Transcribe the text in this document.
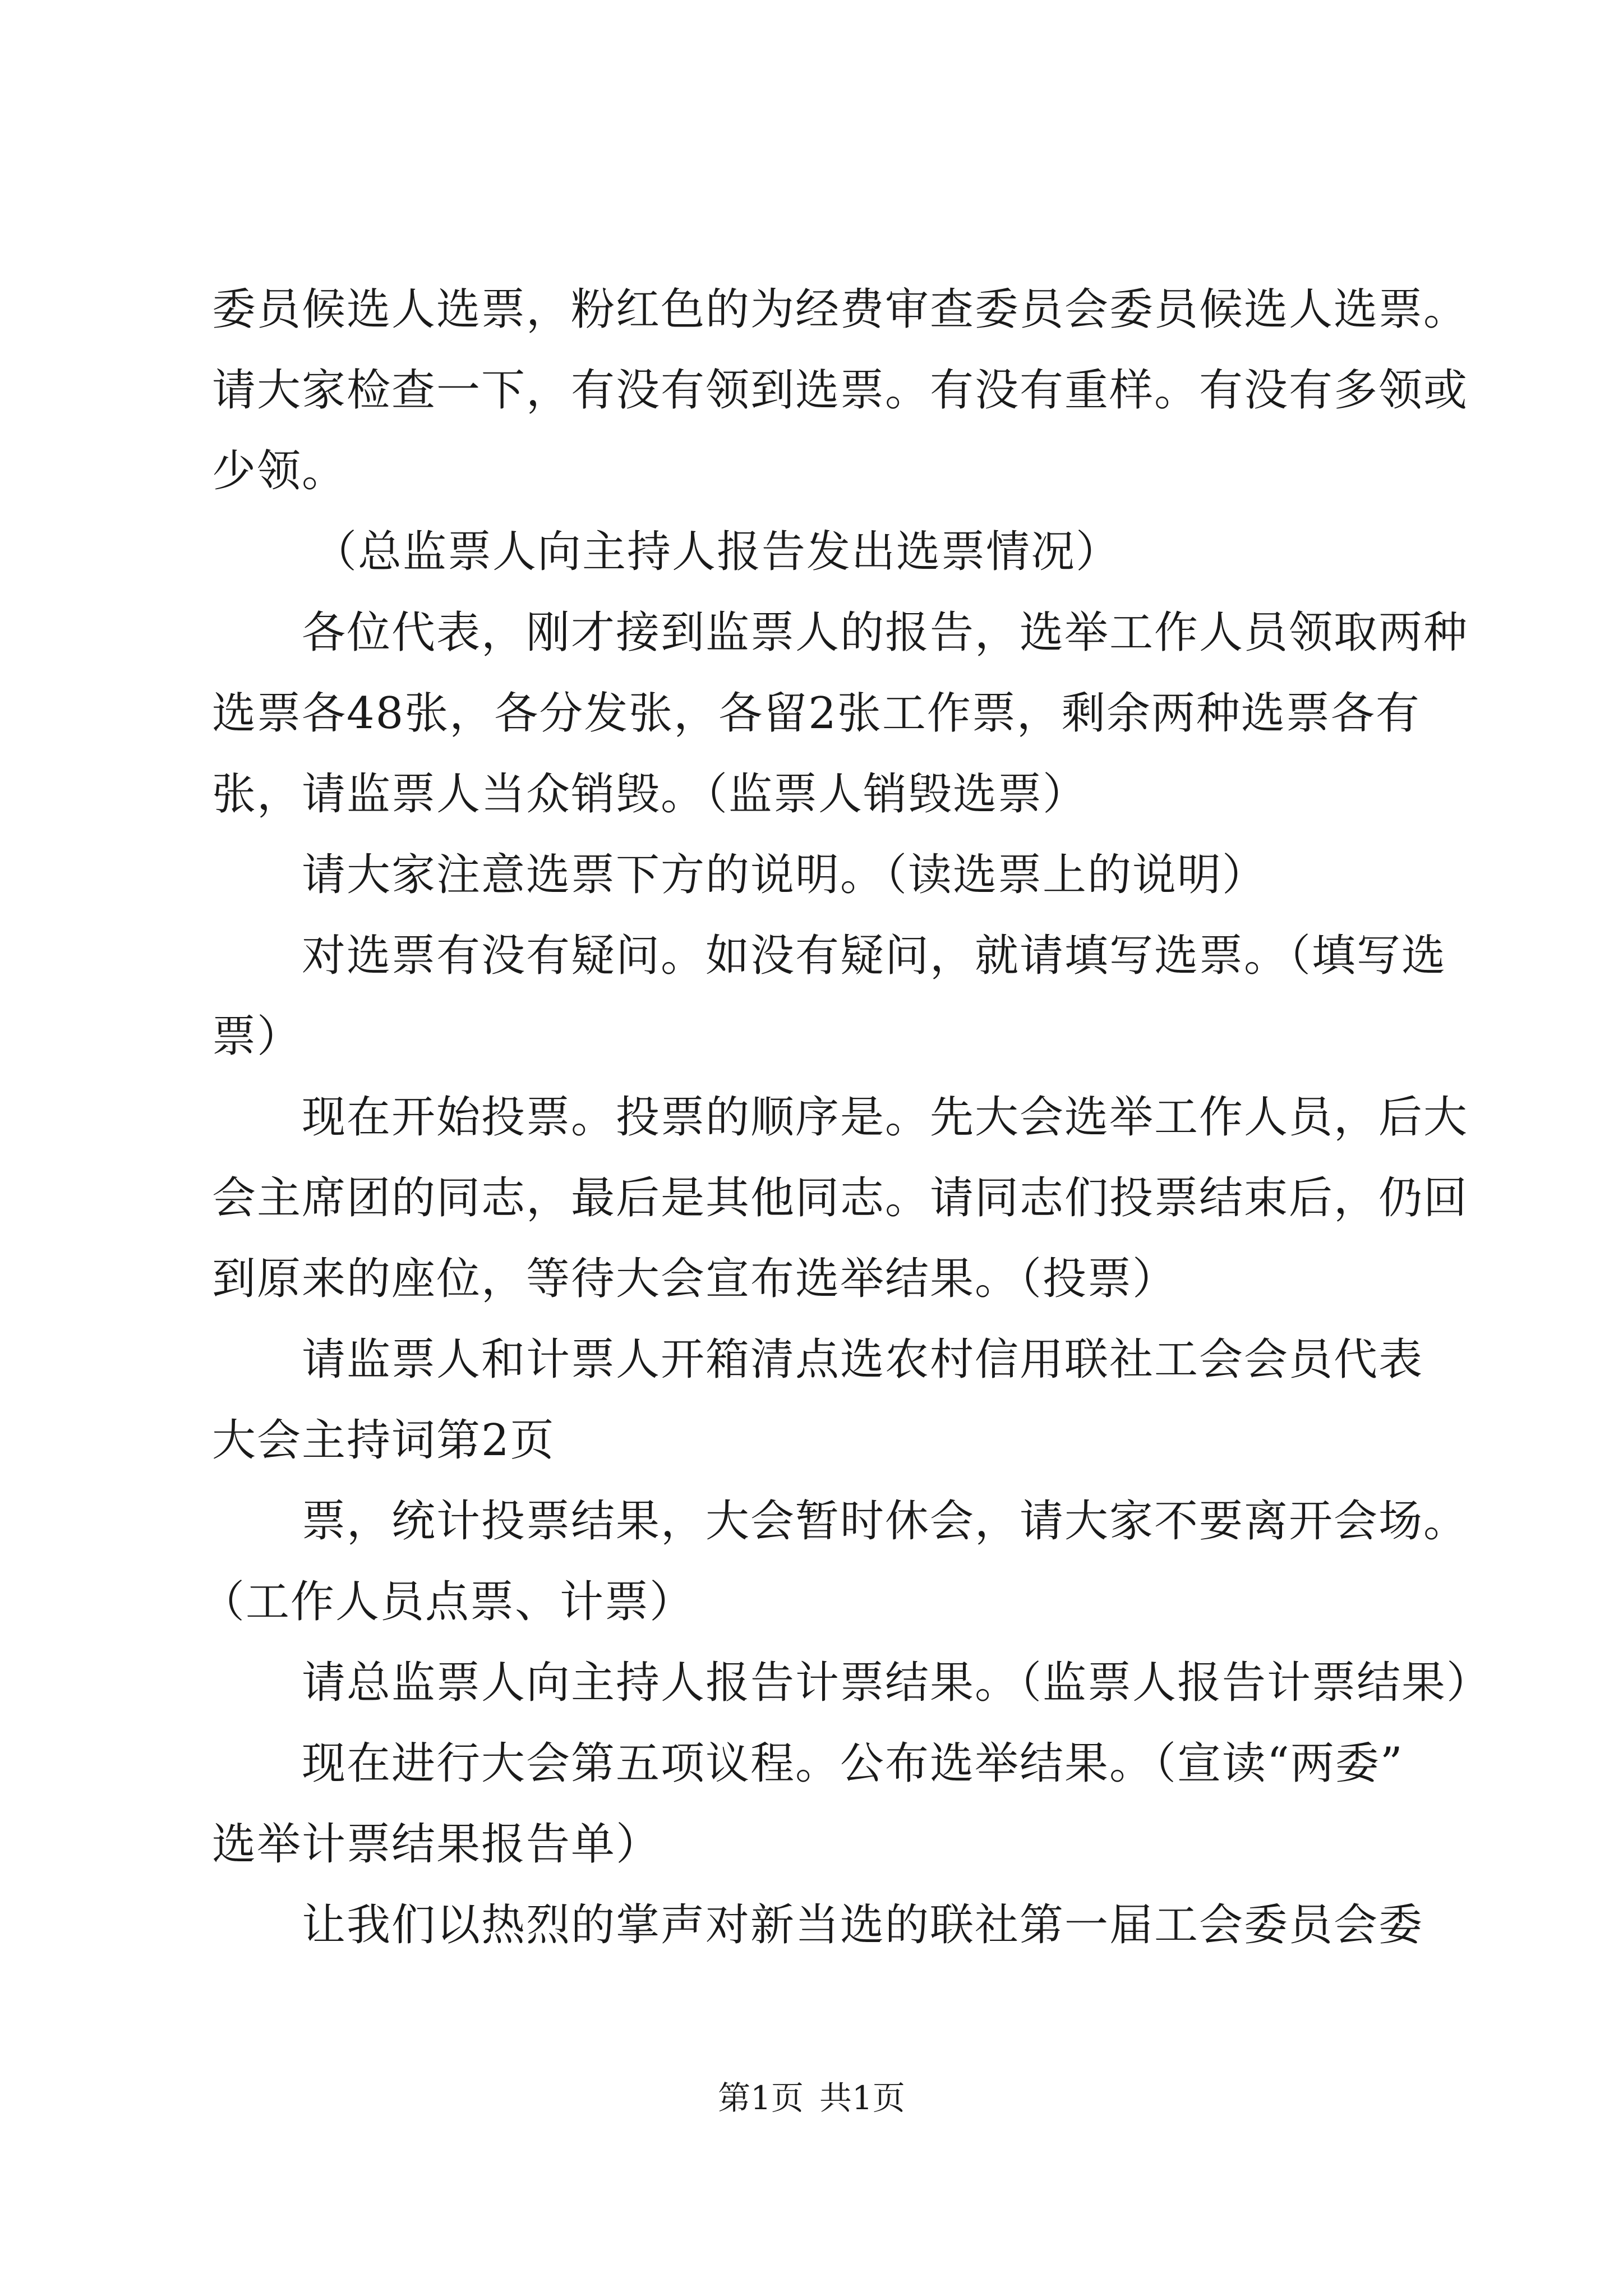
委员候选人选票，粉红色的为经费审查委员会委员候选人选票。
请大家检查一下，有没有领到选票。有没有重样。有没有多领或
少领。
（总监票人向主持人报告发出选票情况）
各位代表，刚才接到监票人的报告，选举工作人员领取两种
选票各48张，各分发张，各留2张工作票，剩余两种选票各有
张，请监票人当众销毁。（监票人销毁选票）
请大家注意选票下方的说明。（读选票上的说明）
对选票有没有疑问。如没有疑问，就请填写选票。（填写选
票）
现在开始投票。投票的顺序是。先大会选举工作人员，后大
会主席团的同志，最后是其他同志。请同志们投票结束后，仍回
到原来的座位，等待大会宣布选举结果。（投票）
请监票人和计票人开箱清点选农村信用联社工会会员代表
大会主持词第2页
票，统计投票结果，大会暂时休会，请大家不要离开会场。
（工作人员点票、计票）
请总监票人向主持人报告计票结果。（监票人报告计票结果）
现在进行大会第五项议程。公布选举结果。（宣读“两委”
选举计票结果报告单）
让我们以热烈的掌声对新当选的联社第一届工会委员会委
第1页 共1页
